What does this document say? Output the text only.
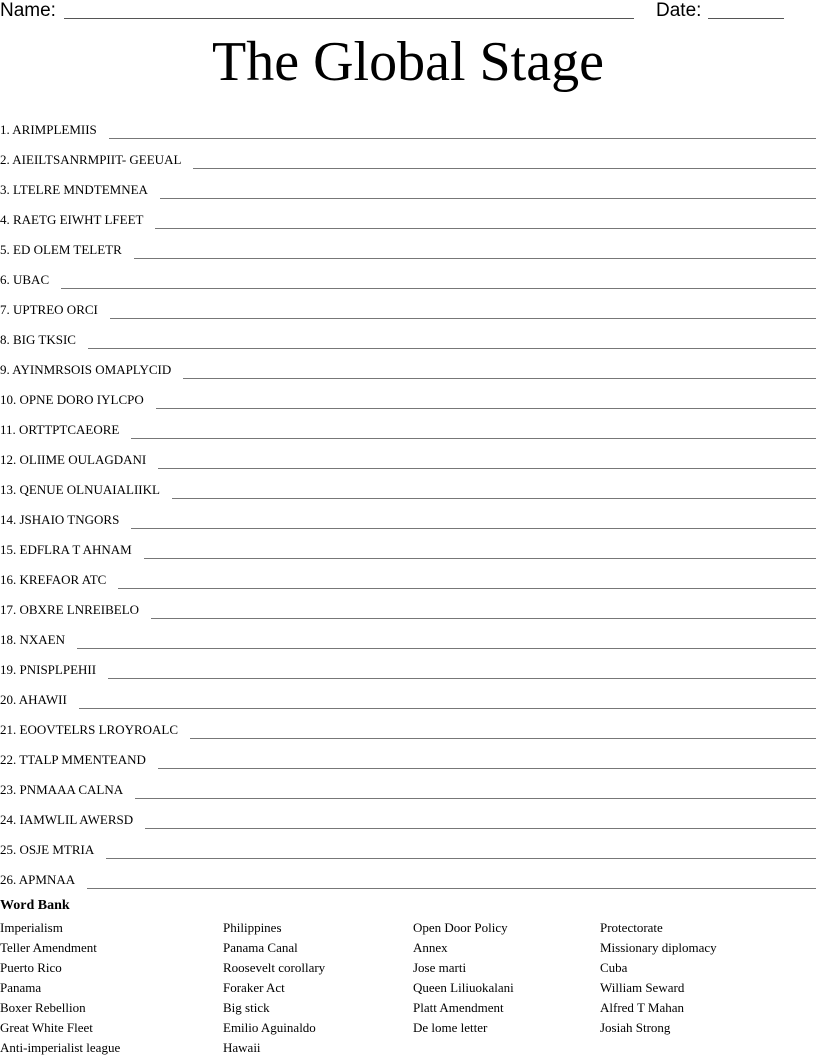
Name:	Date:
The Global Stage
1. ARIMPLEMIIS
2. AIEILTSANRMPIIT- GEEUAL
3. LTELRE MNDTEMNEA
4. RAETG EIWHT LFEET
5. ED OLEM TELETR
6. UBAC
7. UPTREO ORCI
8. BIG TKSIC
9. AYINMRSOIS OMAPLYCID
10. OPNE DORO IYLCPO
11. ORTTPTCAEORE
12. OLIIME OULAGDANI
13. QENUE OLNUAIALIIKL
14. JSHAIO TNGORS
15. EDFLRA T AHNAM
16. KREFAOR ATC
17. OBXRE LNREIBELO
18. NXAEN
19. PNISPLPEHII
20. AHAWII
21. EOOVTELRS LROYROALC
22. TTALP MMENTEAND
23. PNMAAA CALNA
24. IAMWLIL AWERSD
25. OSJE MTRIA
26. APMNAA
Word Bank
Imperialism
Teller Amendment
Puerto Rico
Panama
Boxer Rebellion
Great White Fleet
Anti-imperialist league
Philippines
Panama Canal
Roosevelt corollary
Foraker Act
Big stick
Emilio Aguinaldo
Hawaii
Open Door Policy
Annex
Jose marti
Queen Liliuokalani
Platt Amendment
De lome letter
Protectorate
Missionary diplomacy
Cuba
William Seward
Alfred T Mahan
Josiah Strong
